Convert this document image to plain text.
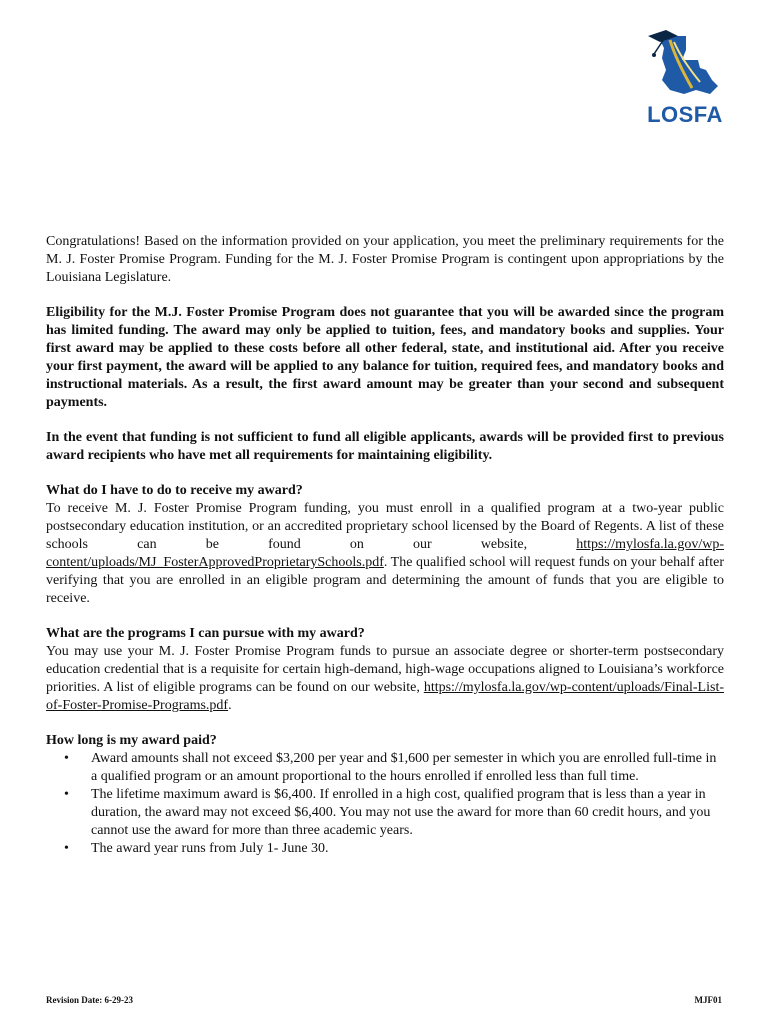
LOSFA

Congratulations! Based on the information provided on your application, you meet the preliminary requirements for the M. J. Foster Promise Program. Funding for the M. J. Foster Promise Program is contingent upon appropriations by the Louisiana Legislature.

Eligibility for the M.J. Foster Promise Program does not guarantee that you will be awarded since the program has limited funding. The award may only be applied to tuition, fees, and mandatory books and supplies. Your first award may be applied to these costs before all other federal, state, and institutional aid. After you receive your first payment, the award will be applied to any balance for tuition, required fees, and mandatory books and instructional materials. As a result, the first award amount may be greater than your second and subsequent payments.

In the event that funding is not sufficient to fund all eligible applicants, awards will be provided first to previous award recipients who have met all requirements for maintaining eligibility.

What do I have to do to receive my award?

To receive M. J. Foster Promise Program funding, you must enroll in a qualified program at a two-year public postsecondary education institution, or an accredited proprietary school licensed by the Board of Regents. A list of these schools can be found on our website, https://mylosfa.la.gov/wp-content/uploads/MJ_FosterApprovedProprietarySchools.pdf. The qualified school will request funds on your behalf after verifying that you are enrolled in an eligible program and determining the amount of funds that you are eligible to receive.

What are the programs I can pursue with my award?

You may use your M. J. Foster Promise Program funds to pursue an associate degree or shorter-term postsecondary education credential that is a requisite for certain high-demand, high-wage occupations aligned to Louisiana’s workforce priorities. A list of eligible programs can be found on our website, https://mylosfa.la.gov/wp-content/uploads/Final-List-of-Foster-Promise-Programs.pdf.

How long is my award paid?

• Award amounts shall not exceed $3,200 per year and $1,600 per semester in which you are enrolled full-time in a qualified program or an amount proportional to the hours enrolled if enrolled less than full time.
• The lifetime maximum award is $6,400. If enrolled in a high cost, qualified program that is less than a year in duration, the award may not exceed $6,400. You may not use the award for more than 60 credit hours, and you cannot use the award for more than three academic years.
• The award year runs from July 1- June 30.
Revision Date: 6-29-23	MJF01
